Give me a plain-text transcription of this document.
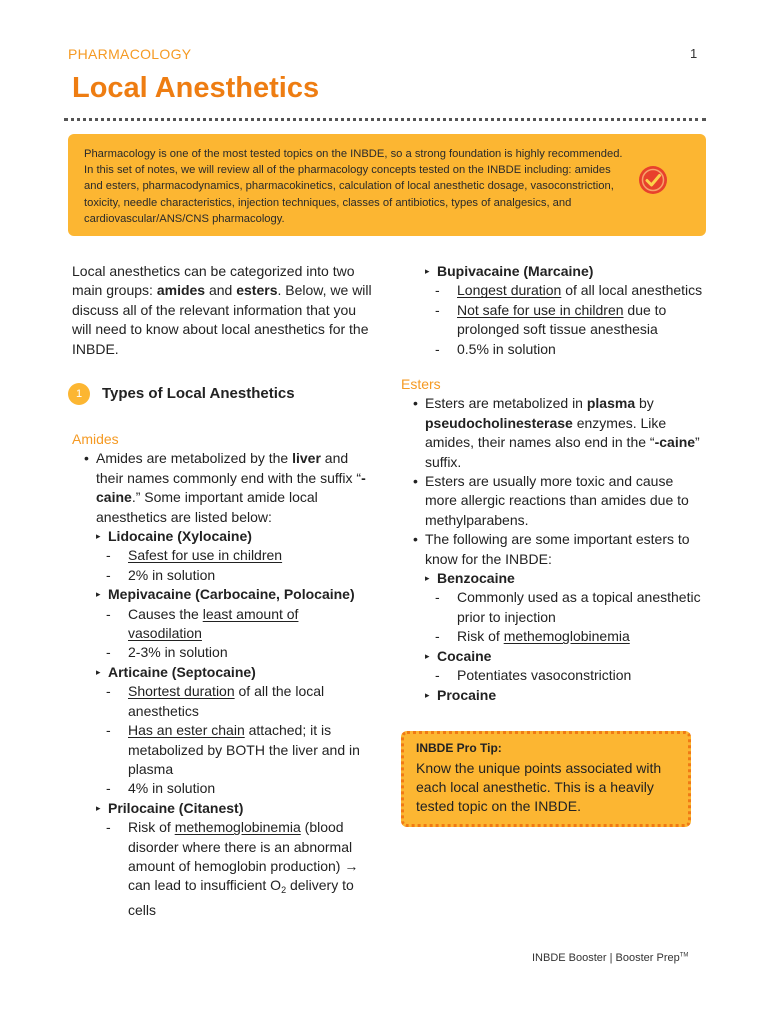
PHARMACOLOGY	1
Local Anesthetics
Pharmacology is one of the most tested topics on the INBDE, so a strong foundation is highly recommended. In this set of notes, we will review all of the pharmacology concepts tested on the INBDE including: amides and esters, pharmacodynamics, pharmacokinetics, calculation of local anesthetic dosage, vasoconstriction, toxicity, needle characteristics, injection techniques, classes of antibiotics, types of analgesics, and cardiovascular/ANS/CNS pharmacology.
Local anesthetics can be categorized into two main groups: amides and esters. Below, we will discuss all of the relevant information that you will need to know about local anesthetics for the INBDE.
1	Types of Local Anesthetics
Amides
• Amides are metabolized by the liver and their names commonly end with the suffix “-caine.” Some important amide local anesthetics are listed below:
▸ Lidocaine (Xylocaine)
- Safest for use in children
- 2% in solution
▸ Mepivacaine (Carbocaine, Polocaine)
- Causes the least amount of vasodilation
- 2-3% in solution
▸ Articaine (Septocaine)
- Shortest duration of all the local anesthetics
- Has an ester chain attached; it is metabolized by BOTH the liver and in plasma
- 4% in solution
▸ Prilocaine (Citanest)
- Risk of methemoglobinemia (blood disorder where there is an abnormal amount of hemoglobin production) → can lead to insufficient $O_2$ delivery to cells
▸ Bupivacaine (Marcaine)
- Longest duration of all local anesthetics
- Not safe for use in children due to prolonged soft tissue anesthesia
- 0.5% in solution
Esters
• Esters are metabolized in plasma by pseudocholinesterase enzymes. Like amides, their names also end in the “-caine” suffix.
• Esters are usually more toxic and cause more allergic reactions than amides due to methylparabens.
• The following are some important esters to know for the INBDE:
▸ Benzocaine
- Commonly used as a topical anesthetic prior to injection
- Risk of methemoglobinemia
▸ Cocaine
- Potentiates vasoconstriction
▸ Procaine
INBDE Pro Tip:
Know the unique points associated with each local anesthetic. This is a heavily tested topic on the INBDE.
INBDE Booster | Booster Prep™
